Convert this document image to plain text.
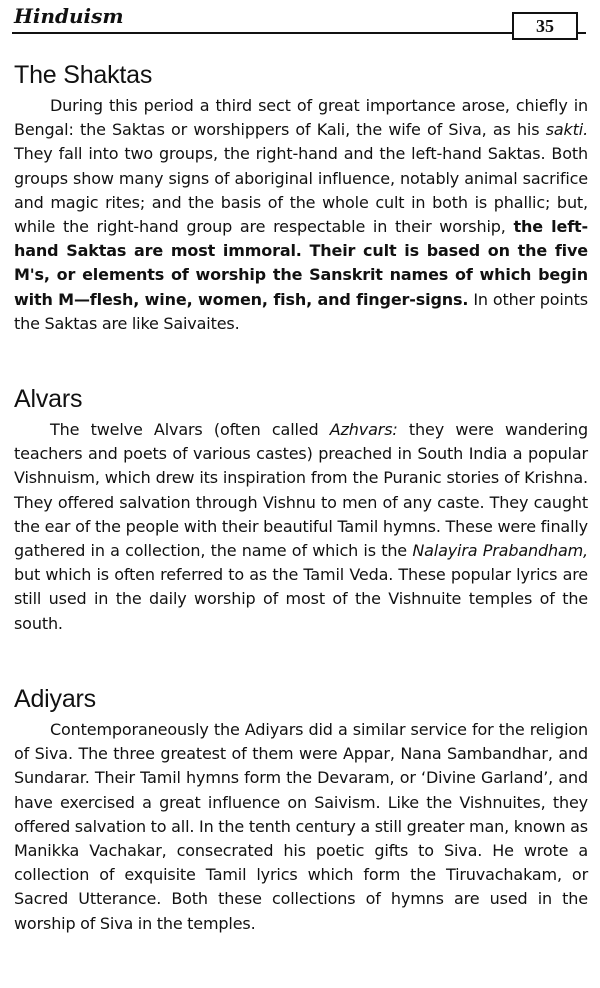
Hinduism	35
The Shaktas

During this period a third sect of great importance arose, chiefly in Bengal: the Saktas or worshippers of Kali, the wife of Siva, as his sakti. They fall into two groups, the right-hand and the left-hand Saktas. Both groups show many signs of aboriginal influence, notably animal sacrifice and magic rites; and the basis of the whole cult in both is phallic; but, while the right-hand group are respectable in their worship, the left-hand Saktas are most immoral. Their cult is based on the five M's, or elements of worship the Sanskrit names of which begin with M—flesh, wine, women, fish, and finger-signs. In other points the Saktas are like Saivaites.

Alvars

The twelve Alvars (often called Azhvars: they were wandering teachers and poets of various castes) preached in South India a popular Vishnuism, which drew its inspiration from the Puranic stories of Krishna. They offered salvation through Vishnu to men of any caste. They caught the ear of the people with their beautiful Tamil hymns. These were finally gathered in a collection, the name of which is the Nalayira Prabandham, but which is often referred to as the Tamil Veda. These popular lyrics are still used in the daily worship of most of the Vishnuite temples of the south.

Adiyars

Contemporaneously the Adiyars did a similar service for the religion of Siva. The three greatest of them were Appar, Nana Sambandhar, and Sundarar. Their Tamil hymns form the Devaram, or ‘Divine Garland’, and have exercised a great influence on Saivism. Like the Vishnuites, they offered salvation to all. In the tenth century a still greater man, known as Manikka Vachakar, consecrated his poetic gifts to Siva. He wrote a collection of exquisite Tamil lyrics which form the Tiruvachakam, or Sacred Utterance. Both these collections of hymns are used in the worship of Siva in the temples.
